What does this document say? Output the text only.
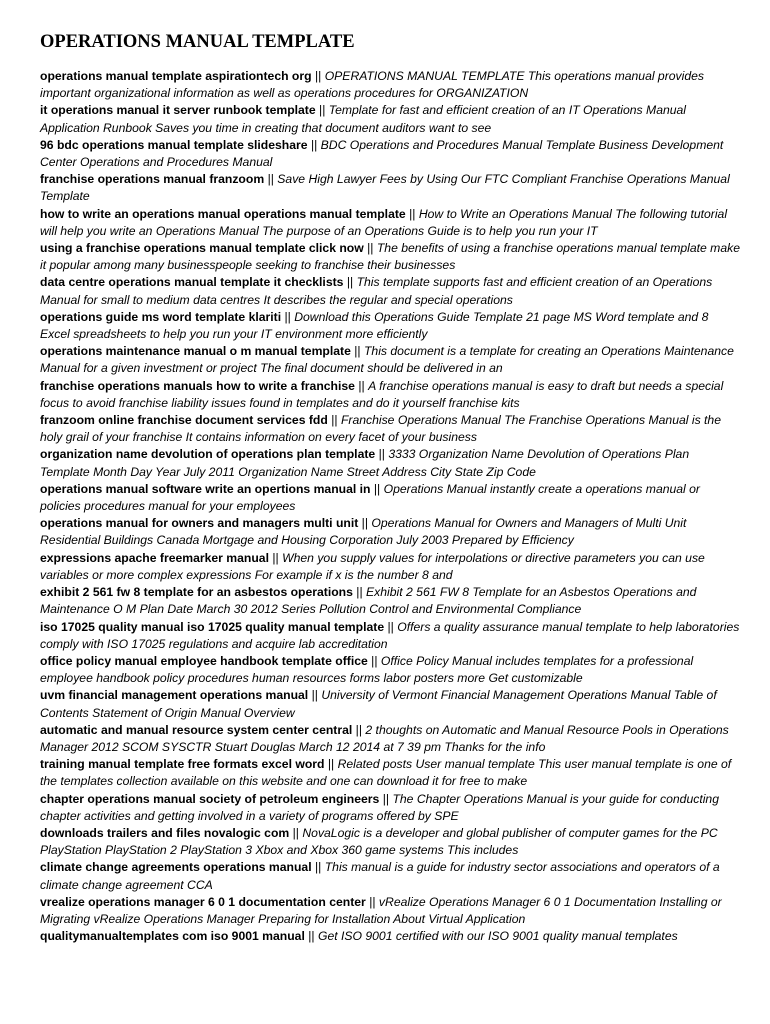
OPERATIONS MANUAL TEMPLATE
operations manual template aspirationtech org || OPERATIONS MANUAL TEMPLATE This operations manual provides important organizational information as well as operations procedures for ORGANIZATION
it operations manual it server runbook template || Template for fast and efficient creation of an IT Operations Manual Application Runbook Saves you time in creating that document auditors want to see
96 bdc operations manual template slideshare || BDC Operations and Procedures Manual Template Business Development Center Operations and Procedures Manual
franchise operations manual franzoom || Save High Lawyer Fees by Using Our FTC Compliant Franchise Operations Manual Template
how to write an operations manual operations manual template || How to Write an Operations Manual The following tutorial will help you write an Operations Manual The purpose of an Operations Guide is to help you run your IT
using a franchise operations manual template click now || The benefits of using a franchise operations manual template make it popular among many businesspeople seeking to franchise their businesses
data centre operations manual template it checklists || This template supports fast and efficient creation of an Operations Manual for small to medium data centres It describes the regular and special operations
operations guide ms word template klariti || Download this Operations Guide Template 21 page MS Word template and 8 Excel spreadsheets to help you run your IT environment more efficiently
operations maintenance manual o m manual template || This document is a template for creating an Operations Maintenance Manual for a given investment or project The final document should be delivered in an
franchise operations manuals how to write a franchise || A franchise operations manual is easy to draft but needs a special focus to avoid franchise liability issues found in templates and do it yourself franchise kits
franzoom online franchise document services fdd || Franchise Operations Manual The Franchise Operations Manual is the holy grail of your franchise It contains information on every facet of your business
organization name devolution of operations plan template || 3333 Organization Name Devolution of Operations Plan Template Month Day Year July 2011 Organization Name Street Address City State Zip Code
operations manual software write an opertions manual in || Operations Manual instantly create a operations manual or policies procedures manual for your employees
operations manual for owners and managers multi unit || Operations Manual for Owners and Managers of Multi Unit Residential Buildings Canada Mortgage and Housing Corporation July 2003 Prepared by Efficiency
expressions apache freemarker manual || When you supply values for interpolations or directive parameters you can use variables or more complex expressions For example if x is the number 8 and
exhibit 2 561 fw 8 template for an asbestos operations || Exhibit 2 561 FW 8 Template for an Asbestos Operations and Maintenance O M Plan Date March 30 2012 Series Pollution Control and Environmental Compliance
iso 17025 quality manual iso 17025 quality manual template || Offers a quality assurance manual template to help laboratories comply with ISO 17025 regulations and acquire lab accreditation
office policy manual employee handbook template office || Office Policy Manual includes templates for a professional employee handbook policy procedures human resources forms labor posters more Get customizable
uvm financial management operations manual || University of Vermont Financial Management Operations Manual Table of Contents Statement of Origin Manual Overview
automatic and manual resource system center central || 2 thoughts on Automatic and Manual Resource Pools in Operations Manager 2012 SCOM SYSCTR Stuart Douglas March 12 2014 at 7 39 pm Thanks for the info
training manual template free formats excel word || Related posts User manual template This user manual template is one of the templates collection available on this website and one can download it for free to make
chapter operations manual society of petroleum engineers || The Chapter Operations Manual is your guide for conducting chapter activities and getting involved in a variety of programs offered by SPE
downloads trailers and files novalogic com || NovaLogic is a developer and global publisher of computer games for the PC PlayStation PlayStation 2 PlayStation 3 Xbox and Xbox 360 game systems This includes
climate change agreements operations manual || This manual is a guide for industry sector associations and operators of a climate change agreement CCA
vrealize operations manager 6 0 1 documentation center || vRealize Operations Manager 6 0 1 Documentation Installing or Migrating vRealize Operations Manager Preparing for Installation About Virtual Application
qualitymanualtemplates com iso 9001 manual || Get ISO 9001 certified with our ISO 9001 quality manual templates
